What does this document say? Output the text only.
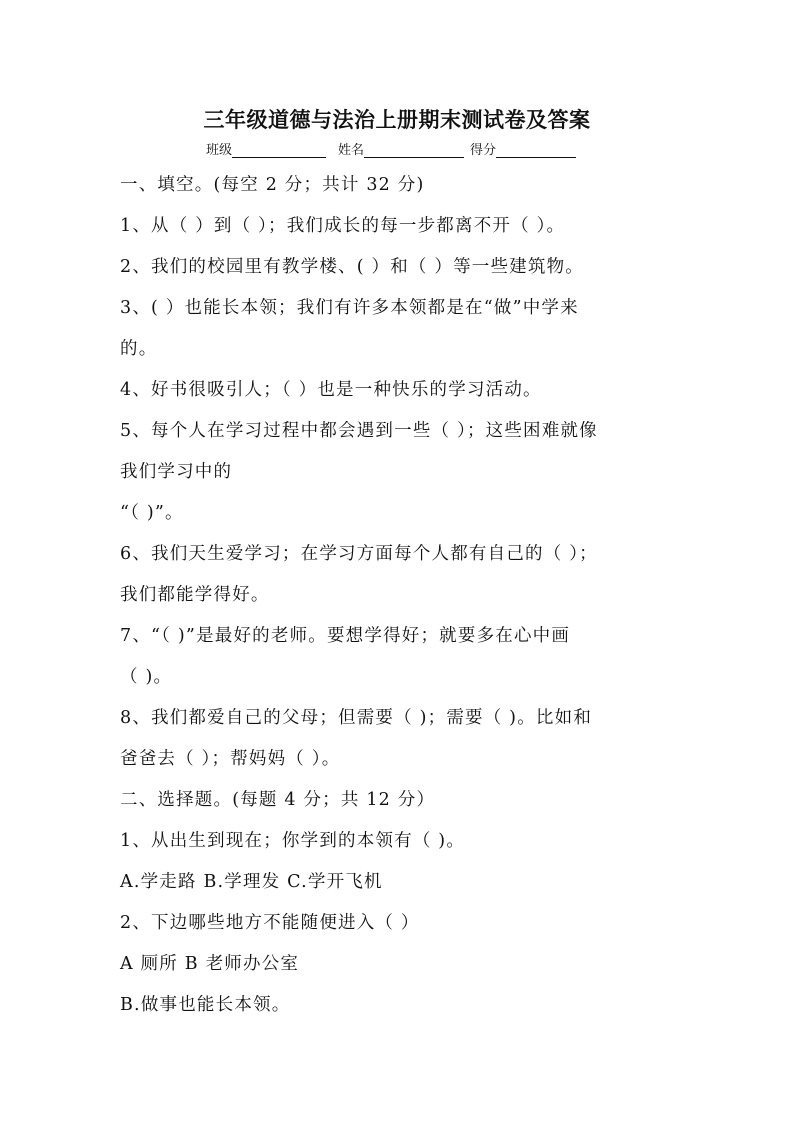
三年级道德与法治上册期末测试卷及答案
班级	姓名	得分
一、填空。(每空 2 分；共计 32 分)
1、从（ ）到（ ）；我们成长的每一步都离不开（ ）。
2、我们的校园里有教学楼、( ）和（ ）等一些建筑物。
3、( ）也能长本领；我们有许多本领都是在“做”中学来
的。
4、好书很吸引人；（ ）也是一种快乐的学习活动。
5、每个人在学习过程中都会遇到一些（ ）；这些困难就像
我们学习中的
“（ )”。
6、我们天生爱学习；在学习方面每个人都有自己的（ ）；
我们都能学得好。
7、“（ )”是最好的老师。要想学得好；就要多在心中画
（ )。
8、我们都爱自己的父母；但需要（ )；需要（ )。比如和
爸爸去（ ）；帮妈妈（ ）。
二、选择题。(每题 4 分；共 12 分）
1、从出生到现在；你学到的本领有（ )。
A.学走路 B.学理发 C.学开飞机
2、下边哪些地方不能随便进入（ ）
A 厕所 B 老师办公室
B.做事也能长本领。
